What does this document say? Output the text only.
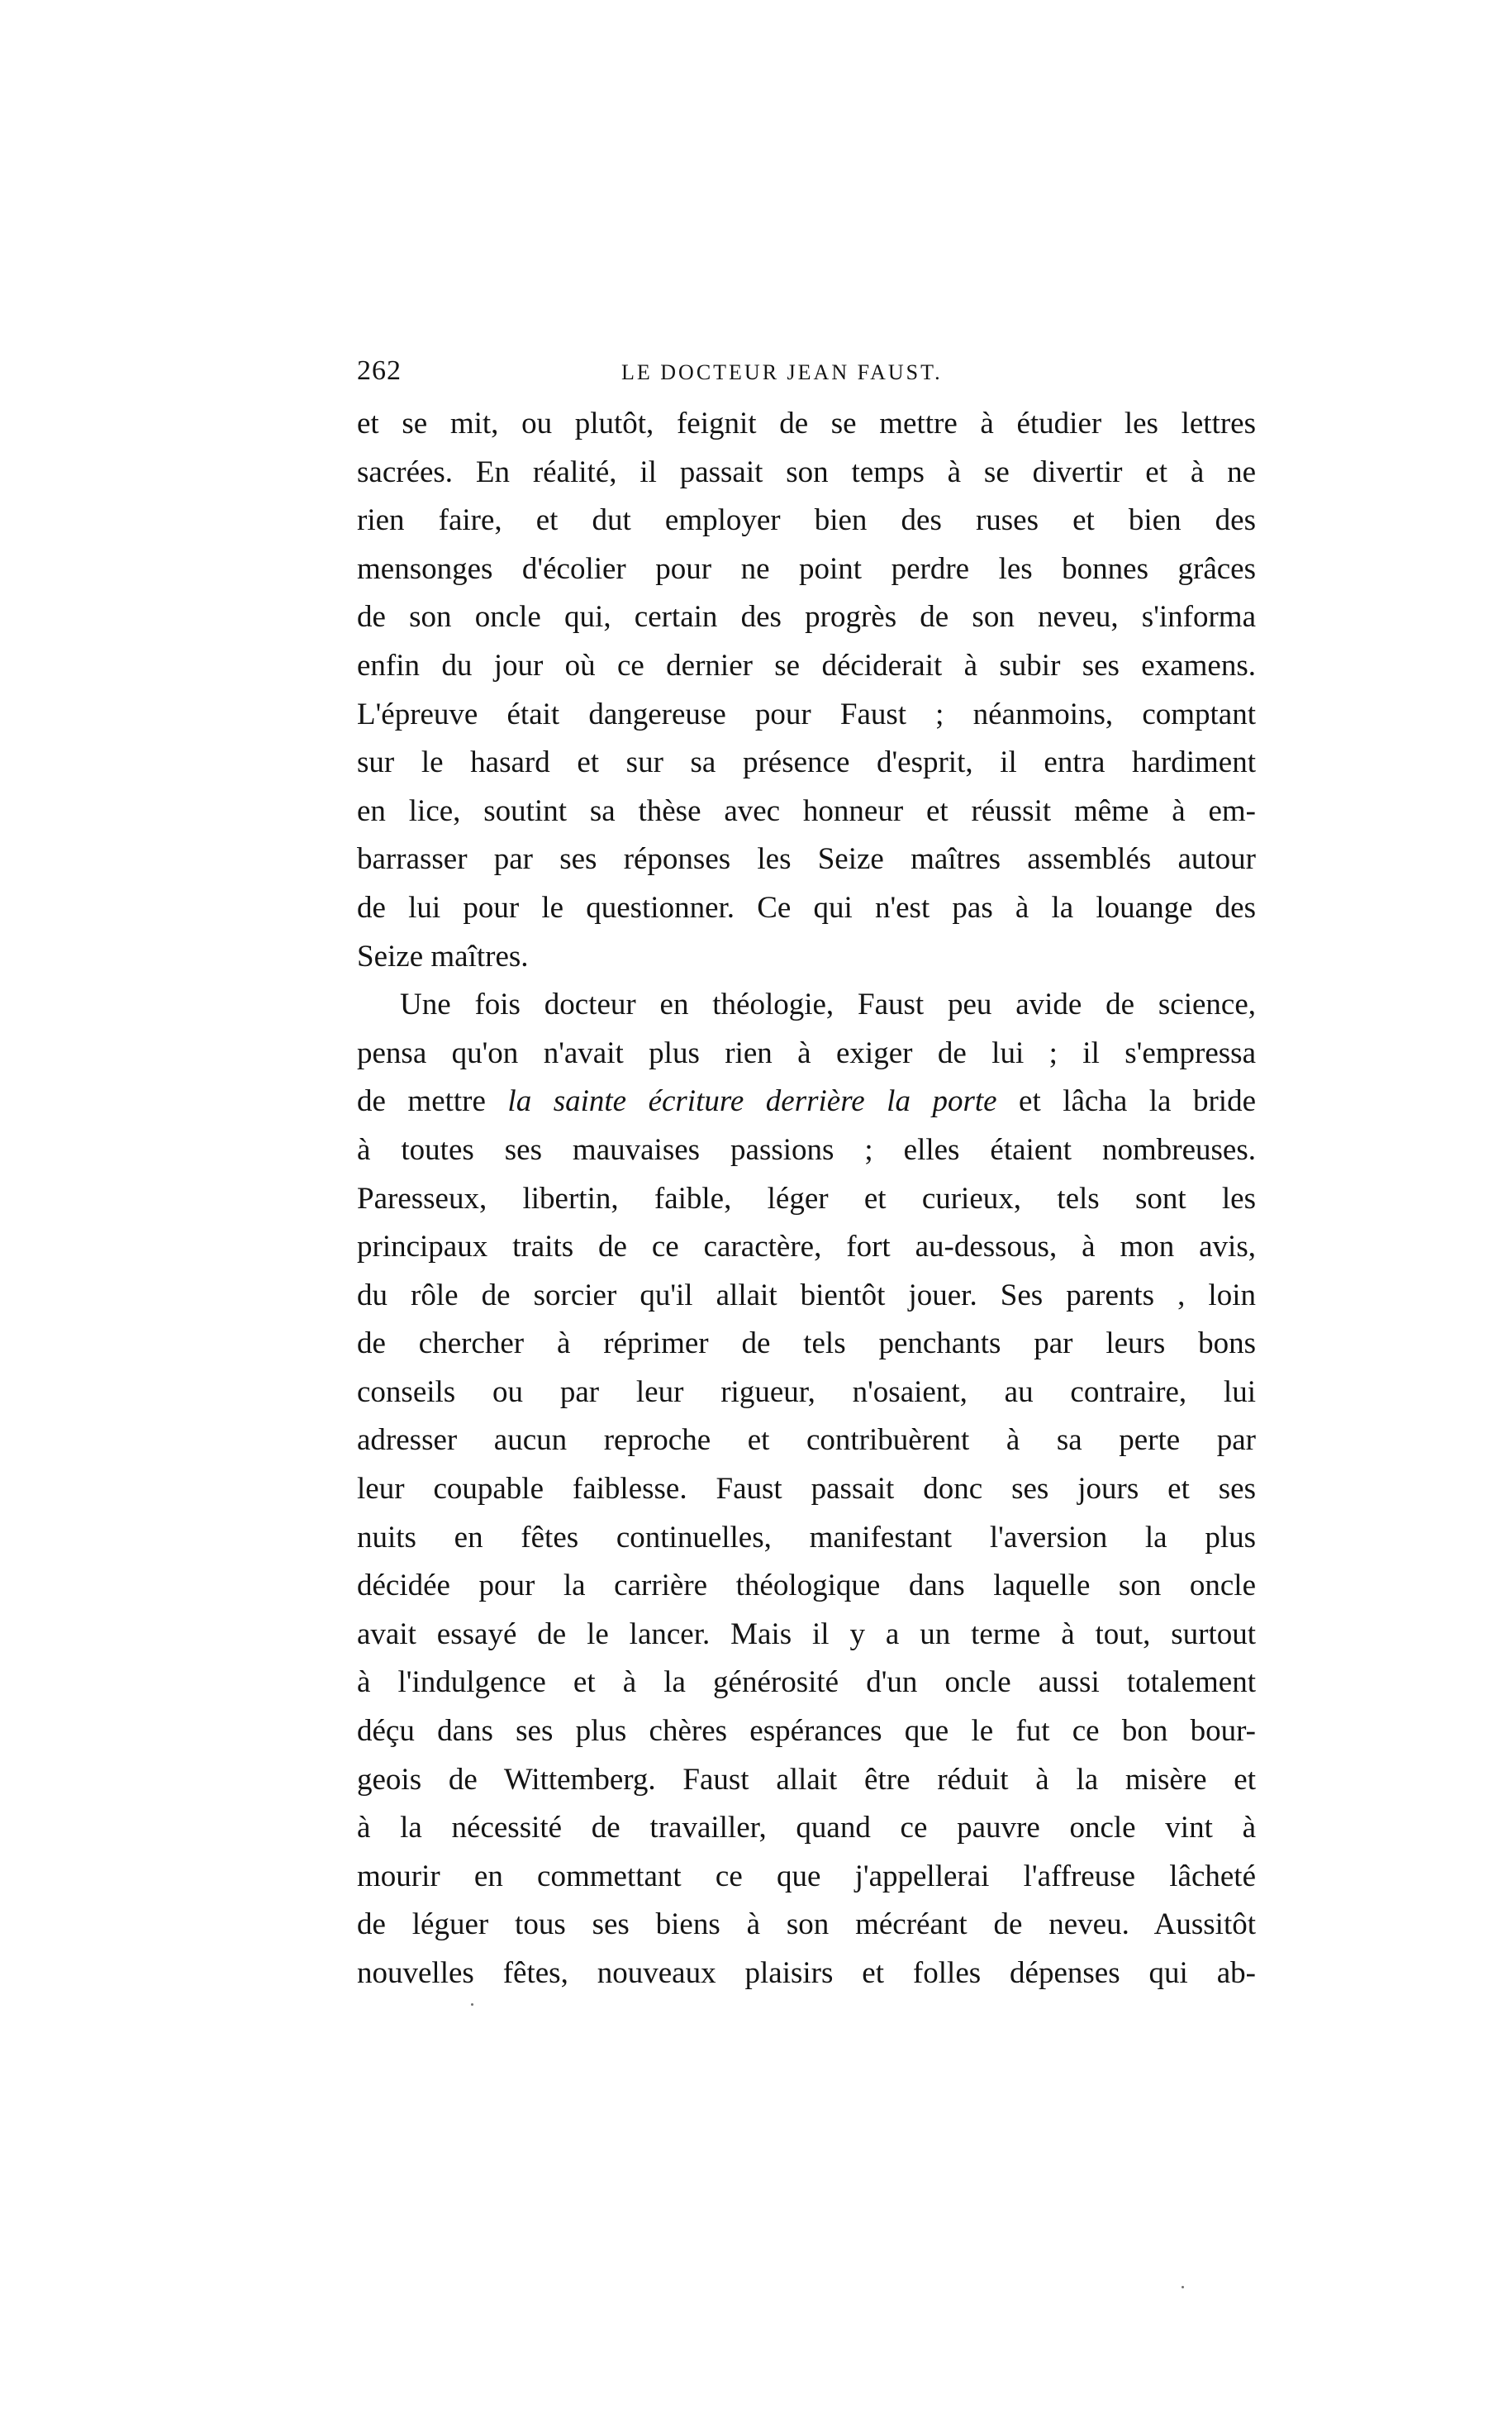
262	LE DOCTEUR JEAN FAUST.
et se mit, ou plutôt, feignit de se mettre à étudier les lettres
sacrées. En réalité, il passait son temps à se divertir et à ne
rien faire, et dut employer bien des ruses et bien des
mensonges d'écolier pour ne point perdre les bonnes grâces
de son oncle qui, certain des progrès de son neveu, s'informa
enfin du jour où ce dernier se déciderait à subir ses examens.
L'épreuve était dangereuse pour Faust ; néanmoins, comptant
sur le hasard et sur sa présence d'esprit, il entra hardiment
en lice, soutint sa thèse avec honneur et réussit même à em-
barrasser par ses réponses les Seize maîtres assemblés autour
de lui pour le questionner. Ce qui n'est pas à la louange des
Seize maîtres.
Une fois docteur en théologie, Faust peu avide de science,
pensa qu'on n'avait plus rien à exiger de lui ; il s'empressa
de mettre la sainte écriture derrière la porte et lâcha la bride
à toutes ses mauvaises passions ; elles étaient nombreuses.
Paresseux, libertin, faible, léger et curieux, tels sont les
principaux traits de ce caractère, fort au-dessous, à mon avis,
du rôle de sorcier qu'il allait bientôt jouer. Ses parents , loin
de chercher à réprimer de tels penchants par leurs bons
conseils ou par leur rigueur, n'osaient, au contraire, lui
adresser aucun reproche et contribuèrent à sa perte par
leur coupable faiblesse. Faust passait donc ses jours et ses
nuits en fêtes continuelles, manifestant l'aversion la plus
décidée pour la carrière théologique dans laquelle son oncle
avait essayé de le lancer. Mais il y a un terme à tout, surtout
à l'indulgence et à la générosité d'un oncle aussi totalement
déçu dans ses plus chères espérances que le fut ce bon bour-
geois de Wittemberg. Faust allait être réduit à la misère et
à la nécessité de travailler, quand ce pauvre oncle vint à
mourir en commettant ce que j'appellerai l'affreuse lâcheté
de léguer tous ses biens à son mécréant de neveu. Aussitôt
nouvelles fêtes, nouveaux plaisirs et folles dépenses qui ab-
